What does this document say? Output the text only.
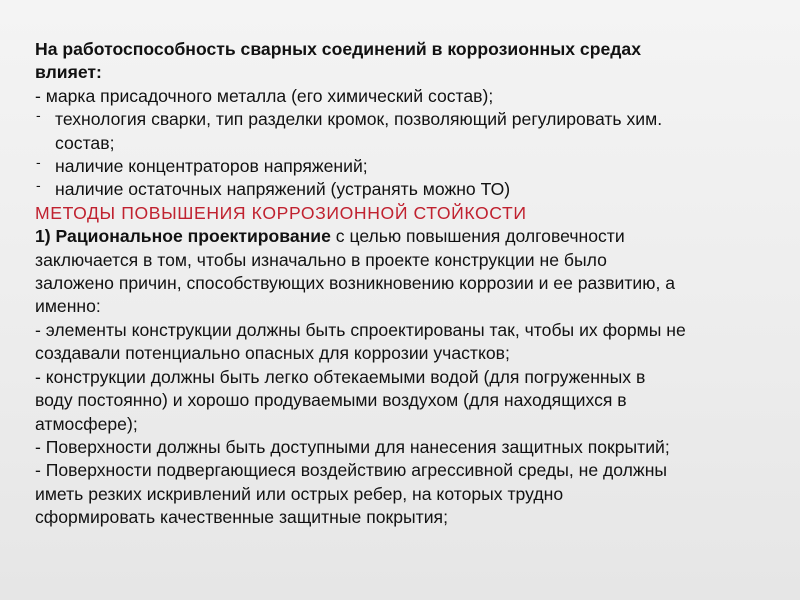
На работоспособность сварных соединений в коррозионных средах
влияет:
- марка присадочного металла (его химический состав);
- технология сварки, тип разделки кромок, позволяющий регулировать хим.
состав;
- наличие концентраторов напряжений;
- наличие остаточных напряжений (устранять можно ТО)
МЕТОДЫ ПОВЫШЕНИЯ КОРРОЗИОННОЙ СТОЙКОСТИ
1) Рациональное проектирование с целью повышения долговечности
заключается в том, чтобы изначально в проекте конструкции не было
заложено причин, способствующих возникновению коррозии и ее развитию, а
именно:
- элементы конструкции должны быть спроектированы так, чтобы их формы не
создавали потенциально опасных для коррозии участков;
- конструкции должны быть легко обтекаемыми водой (для погруженных в
воду постоянно) и хорошо продуваемыми воздухом (для находящихся в
атмосфере);
- Поверхности должны быть доступными для нанесения защитных покрытий;
- Поверхности подвергающиеся воздействию агрессивной среды, не должны
иметь резких искривлений или острых ребер, на которых трудно
сформировать качественные защитные покрытия;
